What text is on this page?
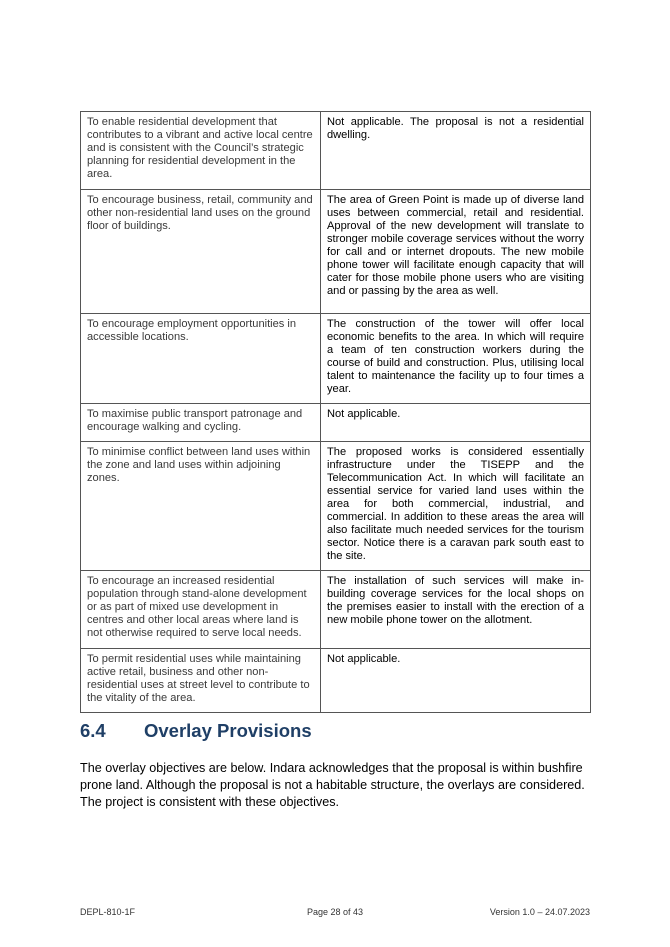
To enable residential development that contributes to a vibrant and active local centre and is consistent with the Council’s strategic planning for residential development in the area.	Not applicable. The proposal is not a residential dwelling.
To encourage business, retail, community and other non-residential land uses on the ground floor of buildings.	The area of Green Point is made up of diverse land uses between commercial, retail and residential. Approval of the new development will translate to stronger mobile coverage services without the worry for call and or internet dropouts. The new mobile phone tower will facilitate enough capacity that will cater for those mobile phone users who are visiting and or passing by the area as well.
To encourage employment opportunities in accessible locations.	The construction of the tower will offer local economic benefits to the area. In which will require a team of ten construction workers during the course of build and construction. Plus, utilising local talent to maintenance the facility up to four times a year.
To maximise public transport patronage and encourage walking and cycling.	Not applicable.
To minimise conflict between land uses within the zone and land uses within adjoining zones.	The proposed works is considered essentially infrastructure under the TISEPP and the Telecommunication Act. In which will facilitate an essential service for varied land uses within the area for both commercial, industrial, and commercial. In addition to these areas the area will also facilitate much needed services for the tourism sector. Notice there is a caravan park south east to the site.
To encourage an increased residential population through stand-alone development or as part of mixed use development in centres and other local areas where land is not otherwise required to serve local needs.	The installation of such services will make in-building coverage services for the local shops on the premises easier to install with the erection of a new mobile phone tower on the allotment.
To permit residential uses while maintaining active retail, business and other non-residential uses at street level to contribute to the vitality of the area.	Not applicable.
6.4 Overlay Provisions

The overlay objectives are below. Indara acknowledges that the proposal is within bushfire prone land. Although the proposal is not a habitable structure, the overlays are considered. The project is consistent with these objectives.

DEPL-810-1F	Page 28 of 43	Version 1.0 – 24.07.2023
